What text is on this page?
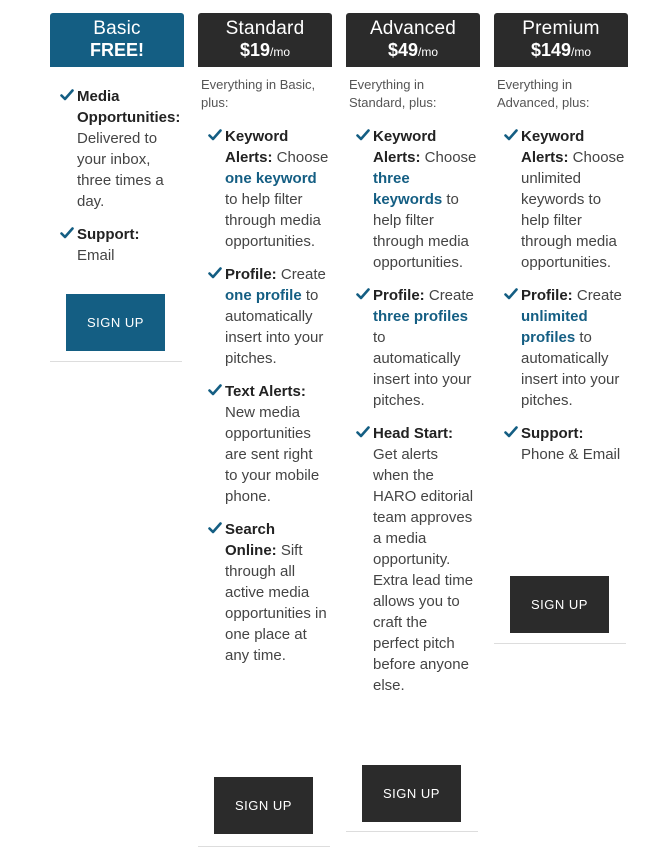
Basic
FREE!
Media Opportunities: Delivered to your inbox, three times a day.
Support: Email
SIGN UP
Standard
$19/mo
Everything in Basic, plus:
Keyword Alerts: Choose one keyword to help filter through media opportunities.
Profile: Create one profile to automatically insert into your pitches.
Text Alerts: New media opportunities are sent right to your mobile phone.
Search Online: Sift through all active media opportunities in one place at any time.
SIGN UP
Advanced
$49/mo
Everything in Standard, plus:
Keyword Alerts: Choose three keywords to help filter through media opportunities.
Profile: Create three profiles to automatically insert into your pitches.
Head Start: Get alerts when the HARO editorial team approves a media opportunity. Extra lead time allows you to craft the perfect pitch before anyone else.
SIGN UP
Premium
$149/mo
Everything in Advanced, plus:
Keyword Alerts: Choose unlimited keywords to help filter through media opportunities.
Profile: Create unlimited profiles to automatically insert into your pitches.
Support: Phone & Email
SIGN UP
